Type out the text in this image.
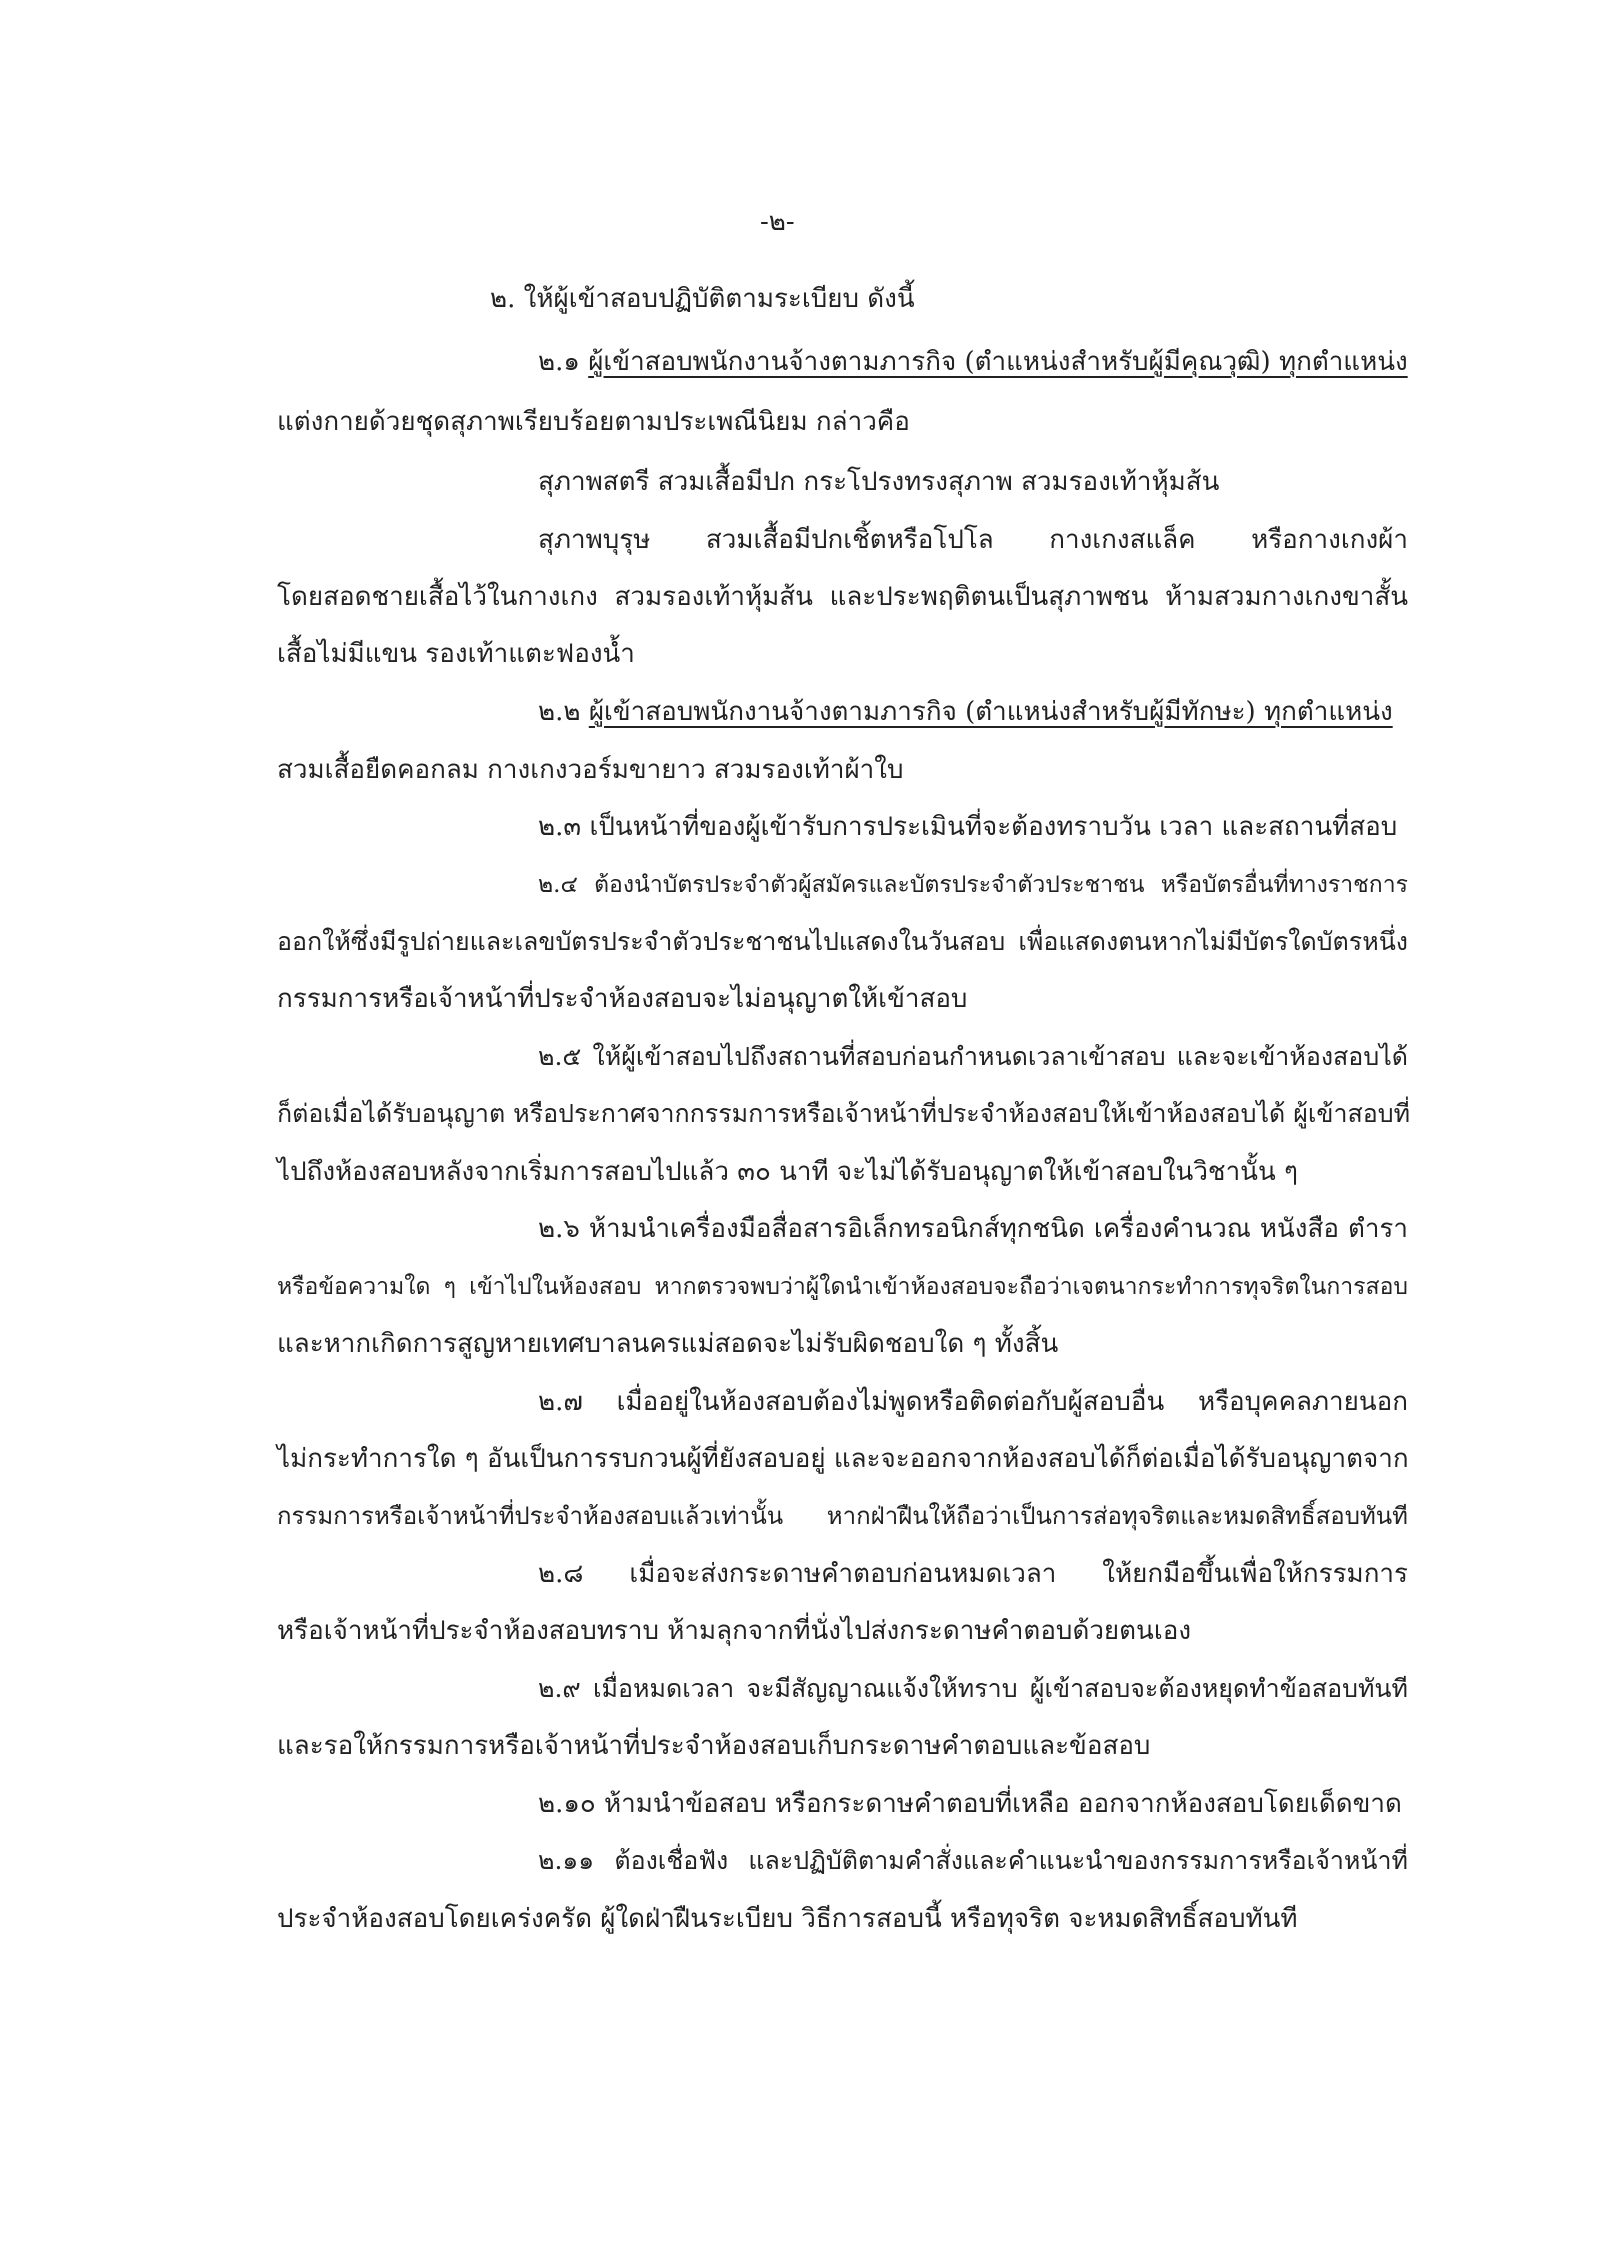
-๒-
๒. ให้ผู้เข้าสอบปฏิบัติตามระเบียบ ดังนี้
๒.๑ ผู้เข้าสอบพนักงานจ้างตามภารกิจ (ตำแหน่งสำหรับผู้มีคุณวุฒิ) ทุกตำแหน่ง
แต่งกายด้วยชุดสุภาพเรียบร้อยตามประเพณีนิยม กล่าวคือ
สุภาพสตรี สวมเสื้อมีปก กระโปรงทรงสุภาพ สวมรองเท้าหุ้มส้น
สุภาพบุรุษ สวมเสื้อมีปกเชิ้ตหรือโปโล กางเกงสแล็ค หรือกางเกงผ้า
โดยสอดชายเสื้อไว้ในกางเกง สวมรองเท้าหุ้มส้น และประพฤติตนเป็นสุภาพชน ห้ามสวมกางเกงขาสั้น
เสื้อไม่มีแขน รองเท้าแตะฟองน้ำ
๒.๒ ผู้เข้าสอบพนักงานจ้างตามภารกิจ (ตำแหน่งสำหรับผู้มีทักษะ) ทุกตำแหน่ง
สวมเสื้อยืดคอกลม กางเกงวอร์มขายาว สวมรองเท้าผ้าใบ
๒.๓ เป็นหน้าที่ของผู้เข้ารับการประเมินที่จะต้องทราบวัน เวลา และสถานที่สอบ
๒.๔ ต้องนำบัตรประจำตัวผู้สมัครและบัตรประจำตัวประชาชน หรือบัตรอื่นที่ทางราชการ
ออกให้ซึ่งมีรูปถ่ายและเลขบัตรประจำตัวประชาชนไปแสดงในวันสอบ เพื่อแสดงตนหากไม่มีบัตรใดบัตรหนึ่ง
กรรมการหรือเจ้าหน้าที่ประจำห้องสอบจะไม่อนุญาตให้เข้าสอบ
๒.๕ ให้ผู้เข้าสอบไปถึงสถานที่สอบก่อนกำหนดเวลาเข้าสอบ และจะเข้าห้องสอบได้
ก็ต่อเมื่อได้รับอนุญาต หรือประกาศจากกรรมการหรือเจ้าหน้าที่ประจำห้องสอบให้เข้าห้องสอบได้ ผู้เข้าสอบที่
ไปถึงห้องสอบหลังจากเริ่มการสอบไปแล้ว ๓๐ นาที จะไม่ได้รับอนุญาตให้เข้าสอบในวิชานั้น ๆ
๒.๖ ห้ามนำเครื่องมือสื่อสารอิเล็กทรอนิกส์ทุกชนิด เครื่องคำนวณ หนังสือ ตำรา
หรือข้อความใด ๆ เข้าไปในห้องสอบ หากตรวจพบว่าผู้ใดนำเข้าห้องสอบจะถือว่าเจตนากระทำการทุจริตในการสอบ
และหากเกิดการสูญหายเทศบาลนครแม่สอดจะไม่รับผิดชอบใด ๆ ทั้งสิ้น
๒.๗ เมื่ออยู่ในห้องสอบต้องไม่พูดหรือติดต่อกับผู้สอบอื่น หรือบุคคลภายนอก
ไม่กระทำการใด ๆ อันเป็นการรบกวนผู้ที่ยังสอบอยู่ และจะออกจากห้องสอบได้ก็ต่อเมื่อได้รับอนุญาตจาก
กรรมการหรือเจ้าหน้าที่ประจำห้องสอบแล้วเท่านั้น หากฝ่าฝืนให้ถือว่าเป็นการส่อทุจริตและหมดสิทธิ์สอบทันที
๒.๘ เมื่อจะส่งกระดาษคำตอบก่อนหมดเวลา ให้ยกมือขึ้นเพื่อให้กรรมการ
หรือเจ้าหน้าที่ประจำห้องสอบทราบ ห้ามลุกจากที่นั่งไปส่งกระดาษคำตอบด้วยตนเอง
๒.๙ เมื่อหมดเวลา จะมีสัญญาณแจ้งให้ทราบ ผู้เข้าสอบจะต้องหยุดทำข้อสอบทันที
และรอให้กรรมการหรือเจ้าหน้าที่ประจำห้องสอบเก็บกระดาษคำตอบและข้อสอบ
๒.๑๐ ห้ามนำข้อสอบ หรือกระดาษคำตอบที่เหลือ ออกจากห้องสอบโดยเด็ดขาด
๒.๑๑ ต้องเชื่อฟัง และปฏิบัติตามคำสั่งและคำแนะนำของกรรมการหรือเจ้าหน้าที่
ประจำห้องสอบโดยเคร่งครัด ผู้ใดฝ่าฝืนระเบียบ วิธีการสอบนี้ หรือทุจริต จะหมดสิทธิ์สอบทันที
